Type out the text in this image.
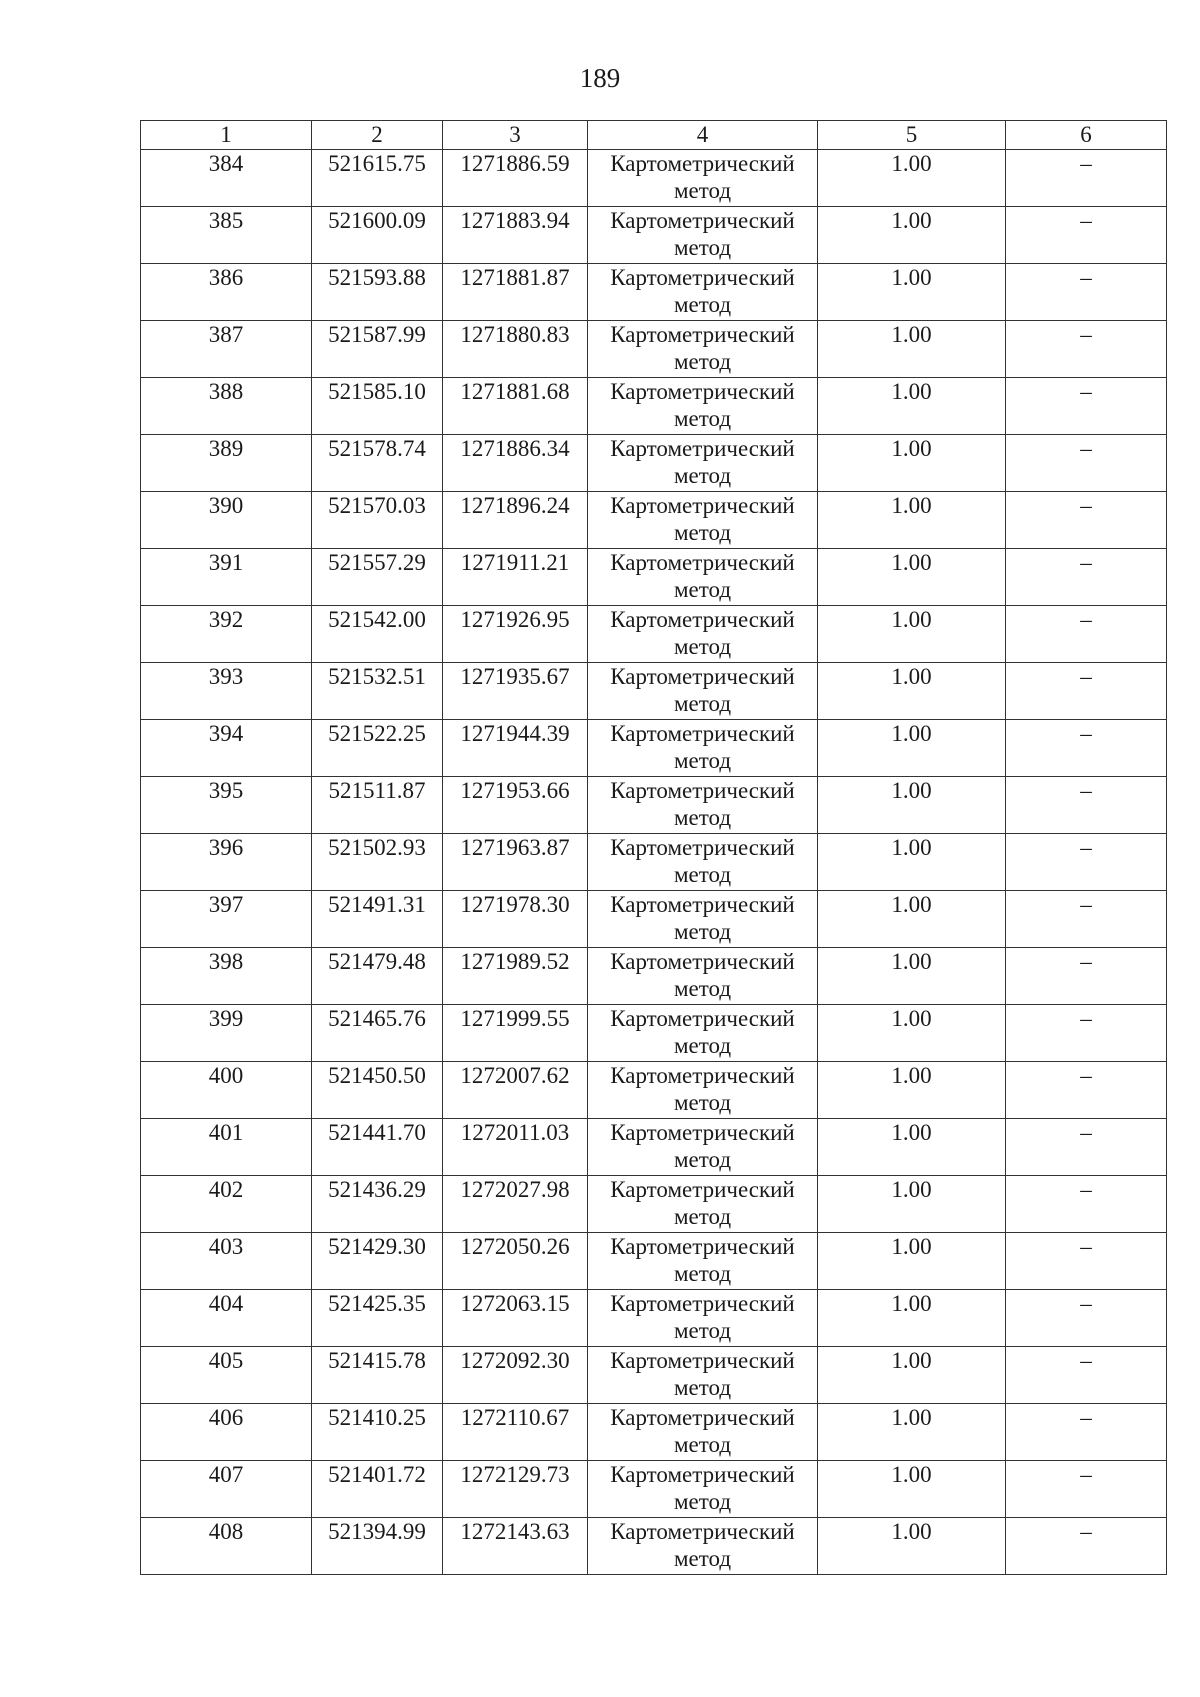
189
1	2	3	4	5	6
384	521615.75	1271886.59	Картометрический
метод	1.00	–
385	521600.09	1271883.94	Картометрический
метод	1.00	–
386	521593.88	1271881.87	Картометрический
метод	1.00	–
387	521587.99	1271880.83	Картометрический
метод	1.00	–
388	521585.10	1271881.68	Картометрический
метод	1.00	–
389	521578.74	1271886.34	Картометрический
метод	1.00	–
390	521570.03	1271896.24	Картометрический
метод	1.00	–
391	521557.29	1271911.21	Картометрический
метод	1.00	–
392	521542.00	1271926.95	Картометрический
метод	1.00	–
393	521532.51	1271935.67	Картометрический
метод	1.00	–
394	521522.25	1271944.39	Картометрический
метод	1.00	–
395	521511.87	1271953.66	Картометрический
метод	1.00	–
396	521502.93	1271963.87	Картометрический
метод	1.00	–
397	521491.31	1271978.30	Картометрический
метод	1.00	–
398	521479.48	1271989.52	Картометрический
метод	1.00	–
399	521465.76	1271999.55	Картометрический
метод	1.00	–
400	521450.50	1272007.62	Картометрический
метод	1.00	–
401	521441.70	1272011.03	Картометрический
метод	1.00	–
402	521436.29	1272027.98	Картометрический
метод	1.00	–
403	521429.30	1272050.26	Картометрический
метод	1.00	–
404	521425.35	1272063.15	Картометрический
метод	1.00	–
405	521415.78	1272092.30	Картометрический
метод	1.00	–
406	521410.25	1272110.67	Картометрический
метод	1.00	–
407	521401.72	1272129.73	Картометрический
метод	1.00	–
408	521394.99	1272143.63	Картометрический
метод	1.00	–
